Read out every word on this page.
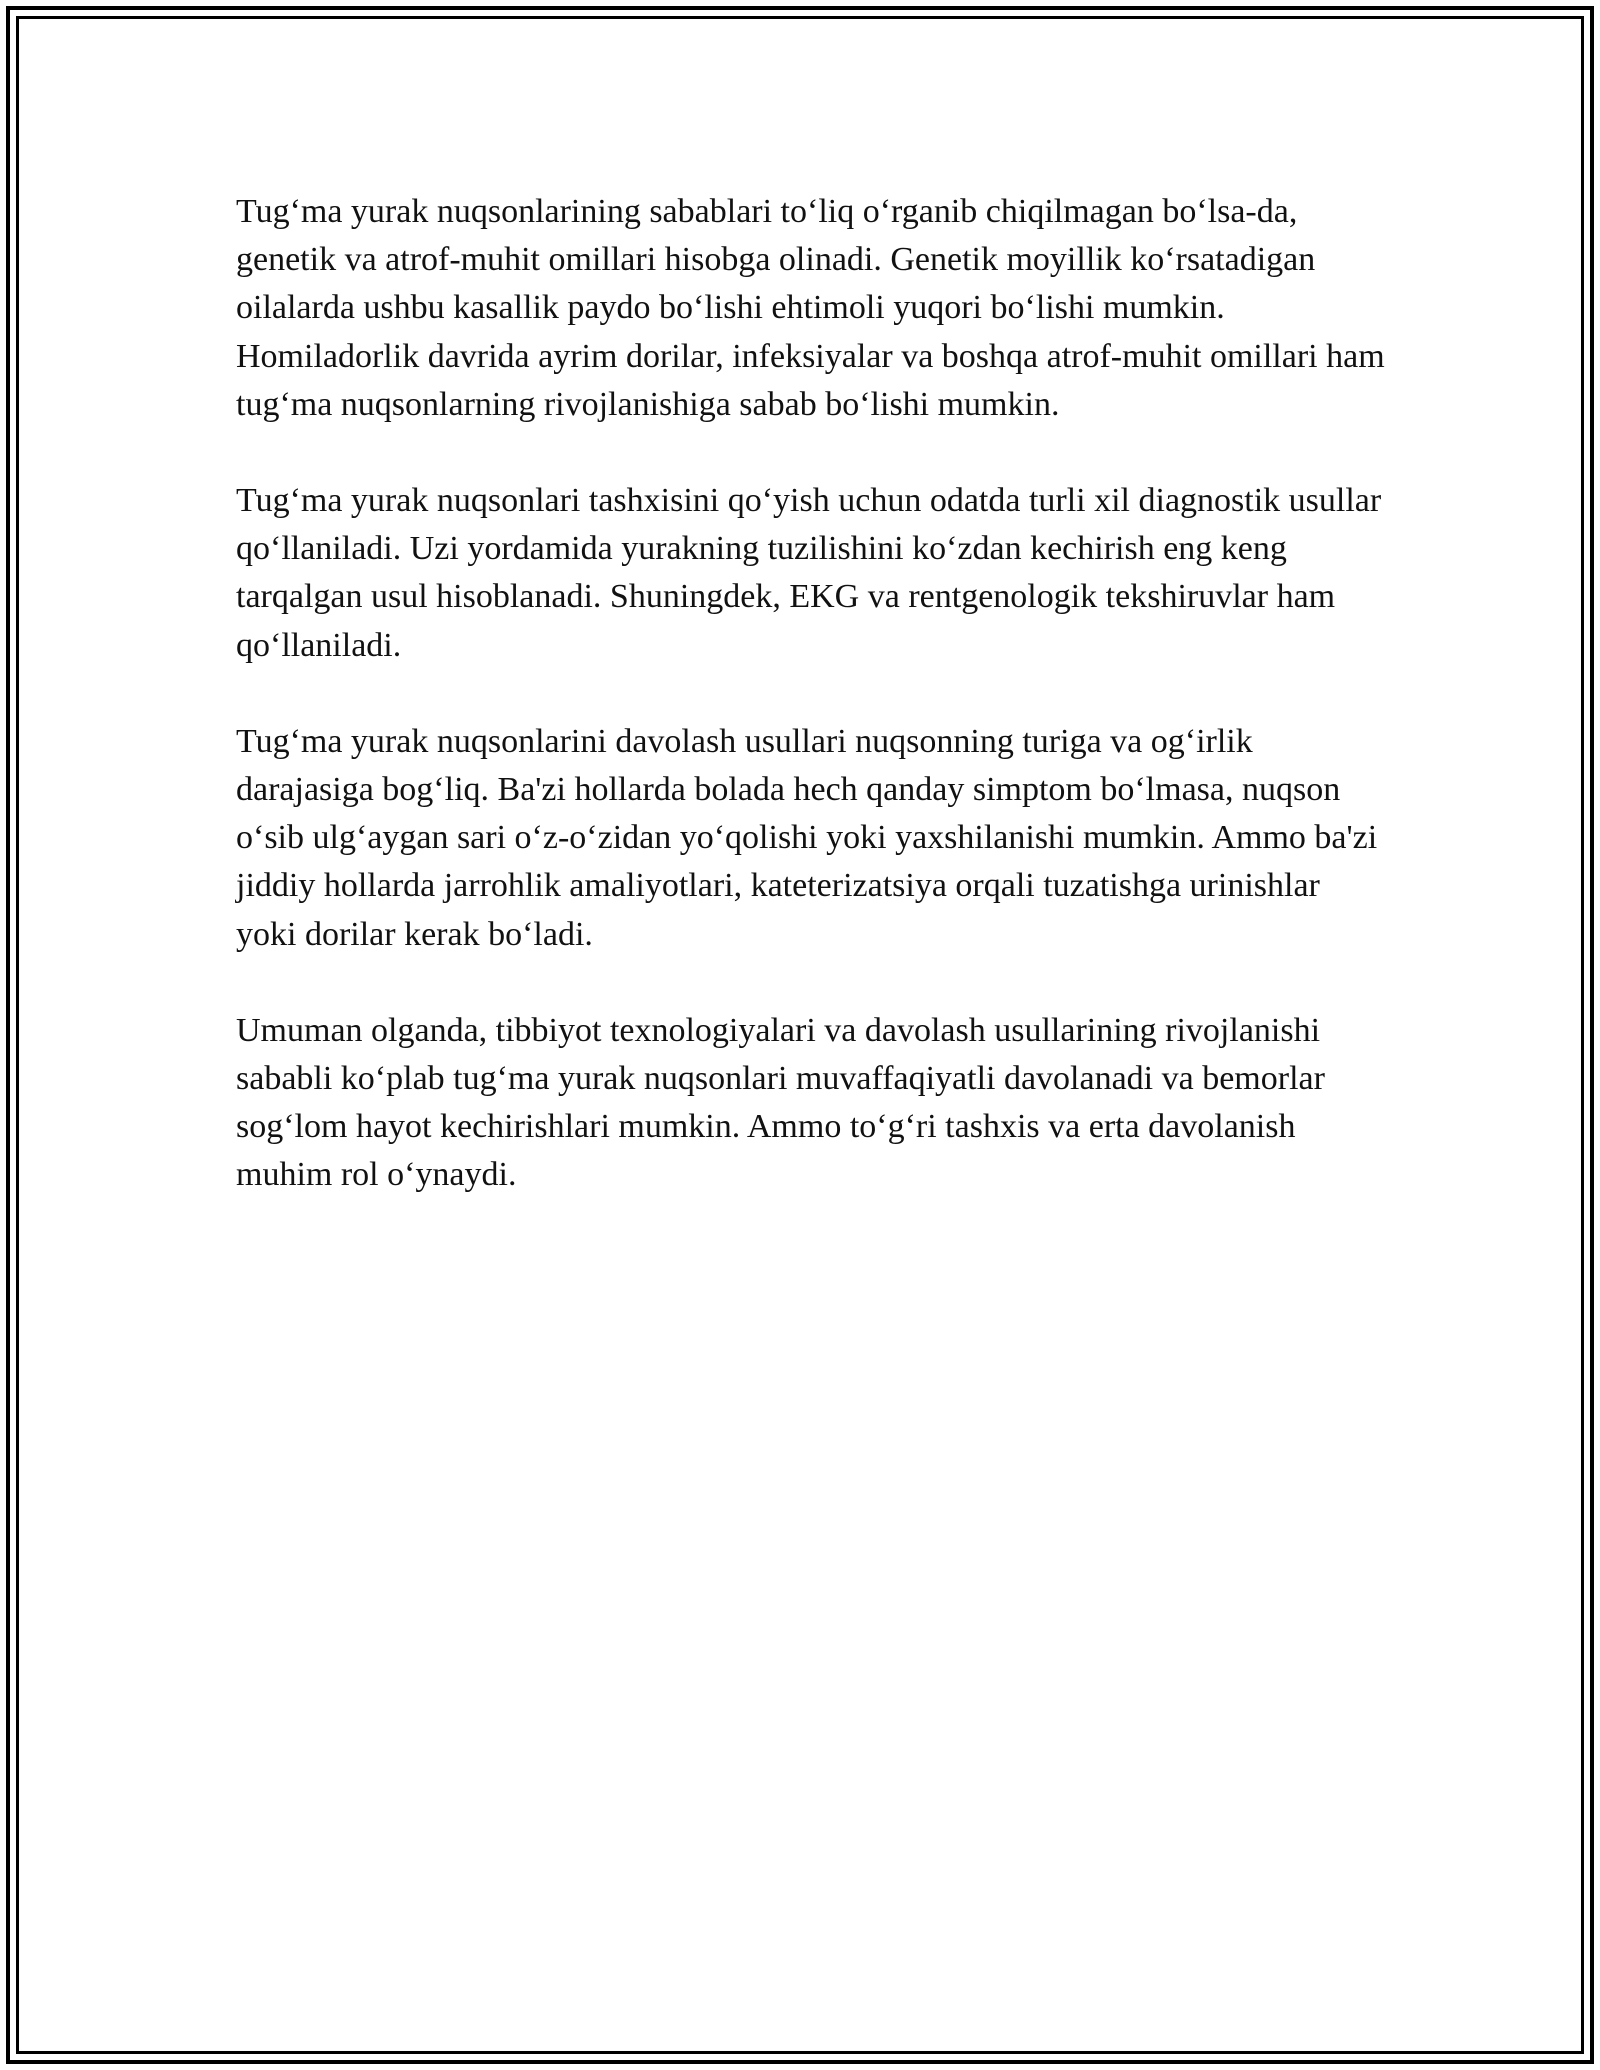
Tug‘ma yurak nuqsonlarining sabablari to‘liq o‘rganib chiqilmagan bo‘lsa-da, genetik va atrof-muhit omillari hisobga olinadi. Genetik moyillik ko‘rsatadigan oilalarda ushbu kasallik paydo bo‘lishi ehtimoli yuqori bo‘lishi mumkin. Homiladorlik davrida ayrim dorilar, infeksiyalar va boshqa atrof-muhit omillari ham tug‘ma nuqsonlarning rivojlanishiga sabab bo‘lishi mumkin.

Tug‘ma yurak nuqsonlari tashxisini qo‘yish uchun odatda turli xil diagnostik usullar qo‘llaniladi. Uzi yordamida yurakning tuzilishini ko‘zdan kechirish eng keng tarqalgan usul hisoblanadi. Shuningdek, EKG va rentgenologik tekshiruvlar ham qo‘llaniladi.

Tug‘ma yurak nuqsonlarini davolash usullari nuqsonning turiga va og‘irlik darajasiga bog‘liq. Ba'zi hollarda bolada hech qanday simptom bo‘lmasa, nuqson o‘sib ulg‘aygan sari o‘z-o‘zidan yo‘qolishi yoki yaxshilanishi mumkin. Ammo ba'zi jiddiy hollarda jarrohlik amaliyotlari, kateterizatsiya orqali tuzatishga urinishlar yoki dorilar kerak bo‘ladi.

Umuman olganda, tibbiyot texnologiyalari va davolash usullarining rivojlanishi sababli ko‘plab tug‘ma yurak nuqsonlari muvaffaqiyatli davolanadi va bemorlar sog‘lom hayot kechirishlari mumkin. Ammo to‘g‘ri tashxis va erta davolanish muhim rol o‘ynaydi.
